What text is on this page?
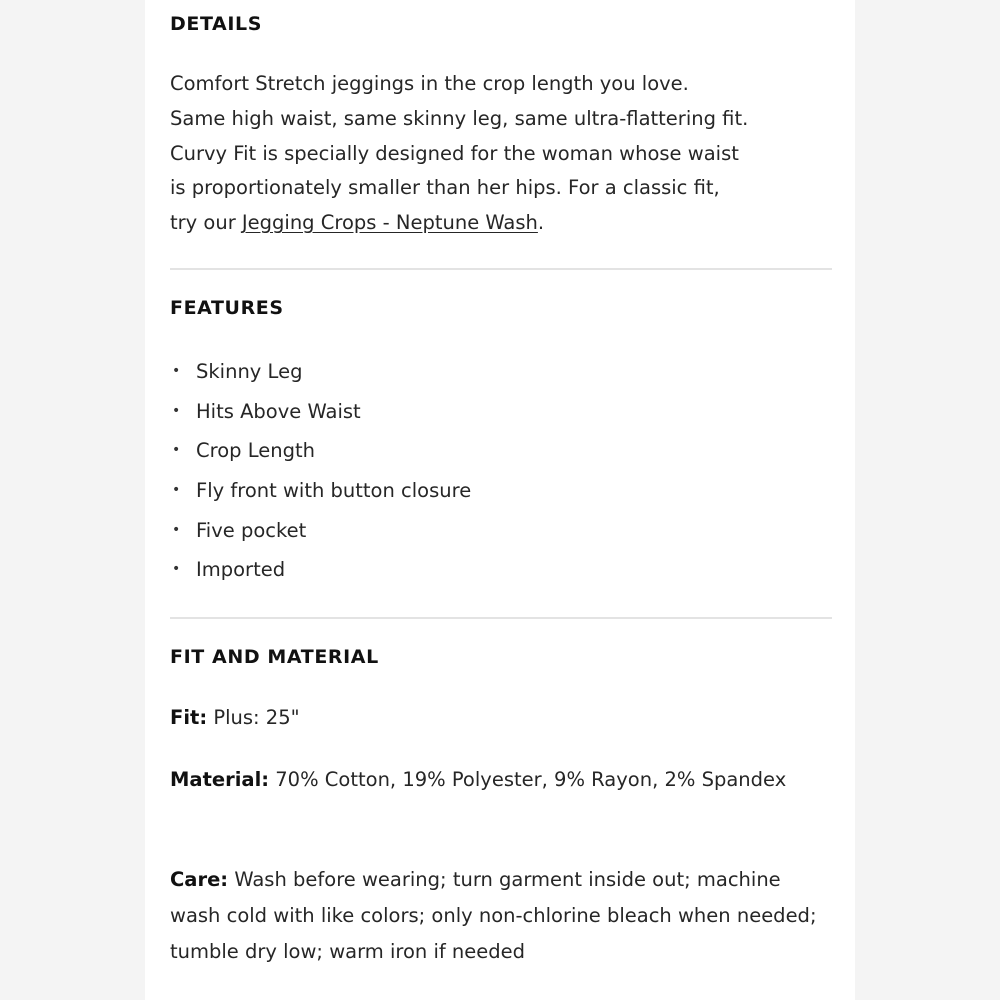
DETAILS

Comfort Stretch jeggings in the crop length you love.
Same high waist, same skinny leg, same ultra-flattering fit.
Curvy Fit is specially designed for the woman whose waist
is proportionately smaller than her hips. For a classic fit,
try our Jegging Crops - Neptune Wash.

FEATURES
• Skinny Leg
• Hits Above Waist
• Crop Length
• Fly front with button closure
• Five pocket
• Imported
FIT AND MATERIAL

Fit: Plus: 25"

Material: 70% Cotton, 19% Polyester, 9% Rayon, 2% Spandex

Care: Wash before wearing; turn garment inside out; machine wash cold with like colors; only non-chlorine bleach when needed; tumble dry low; warm iron if needed
